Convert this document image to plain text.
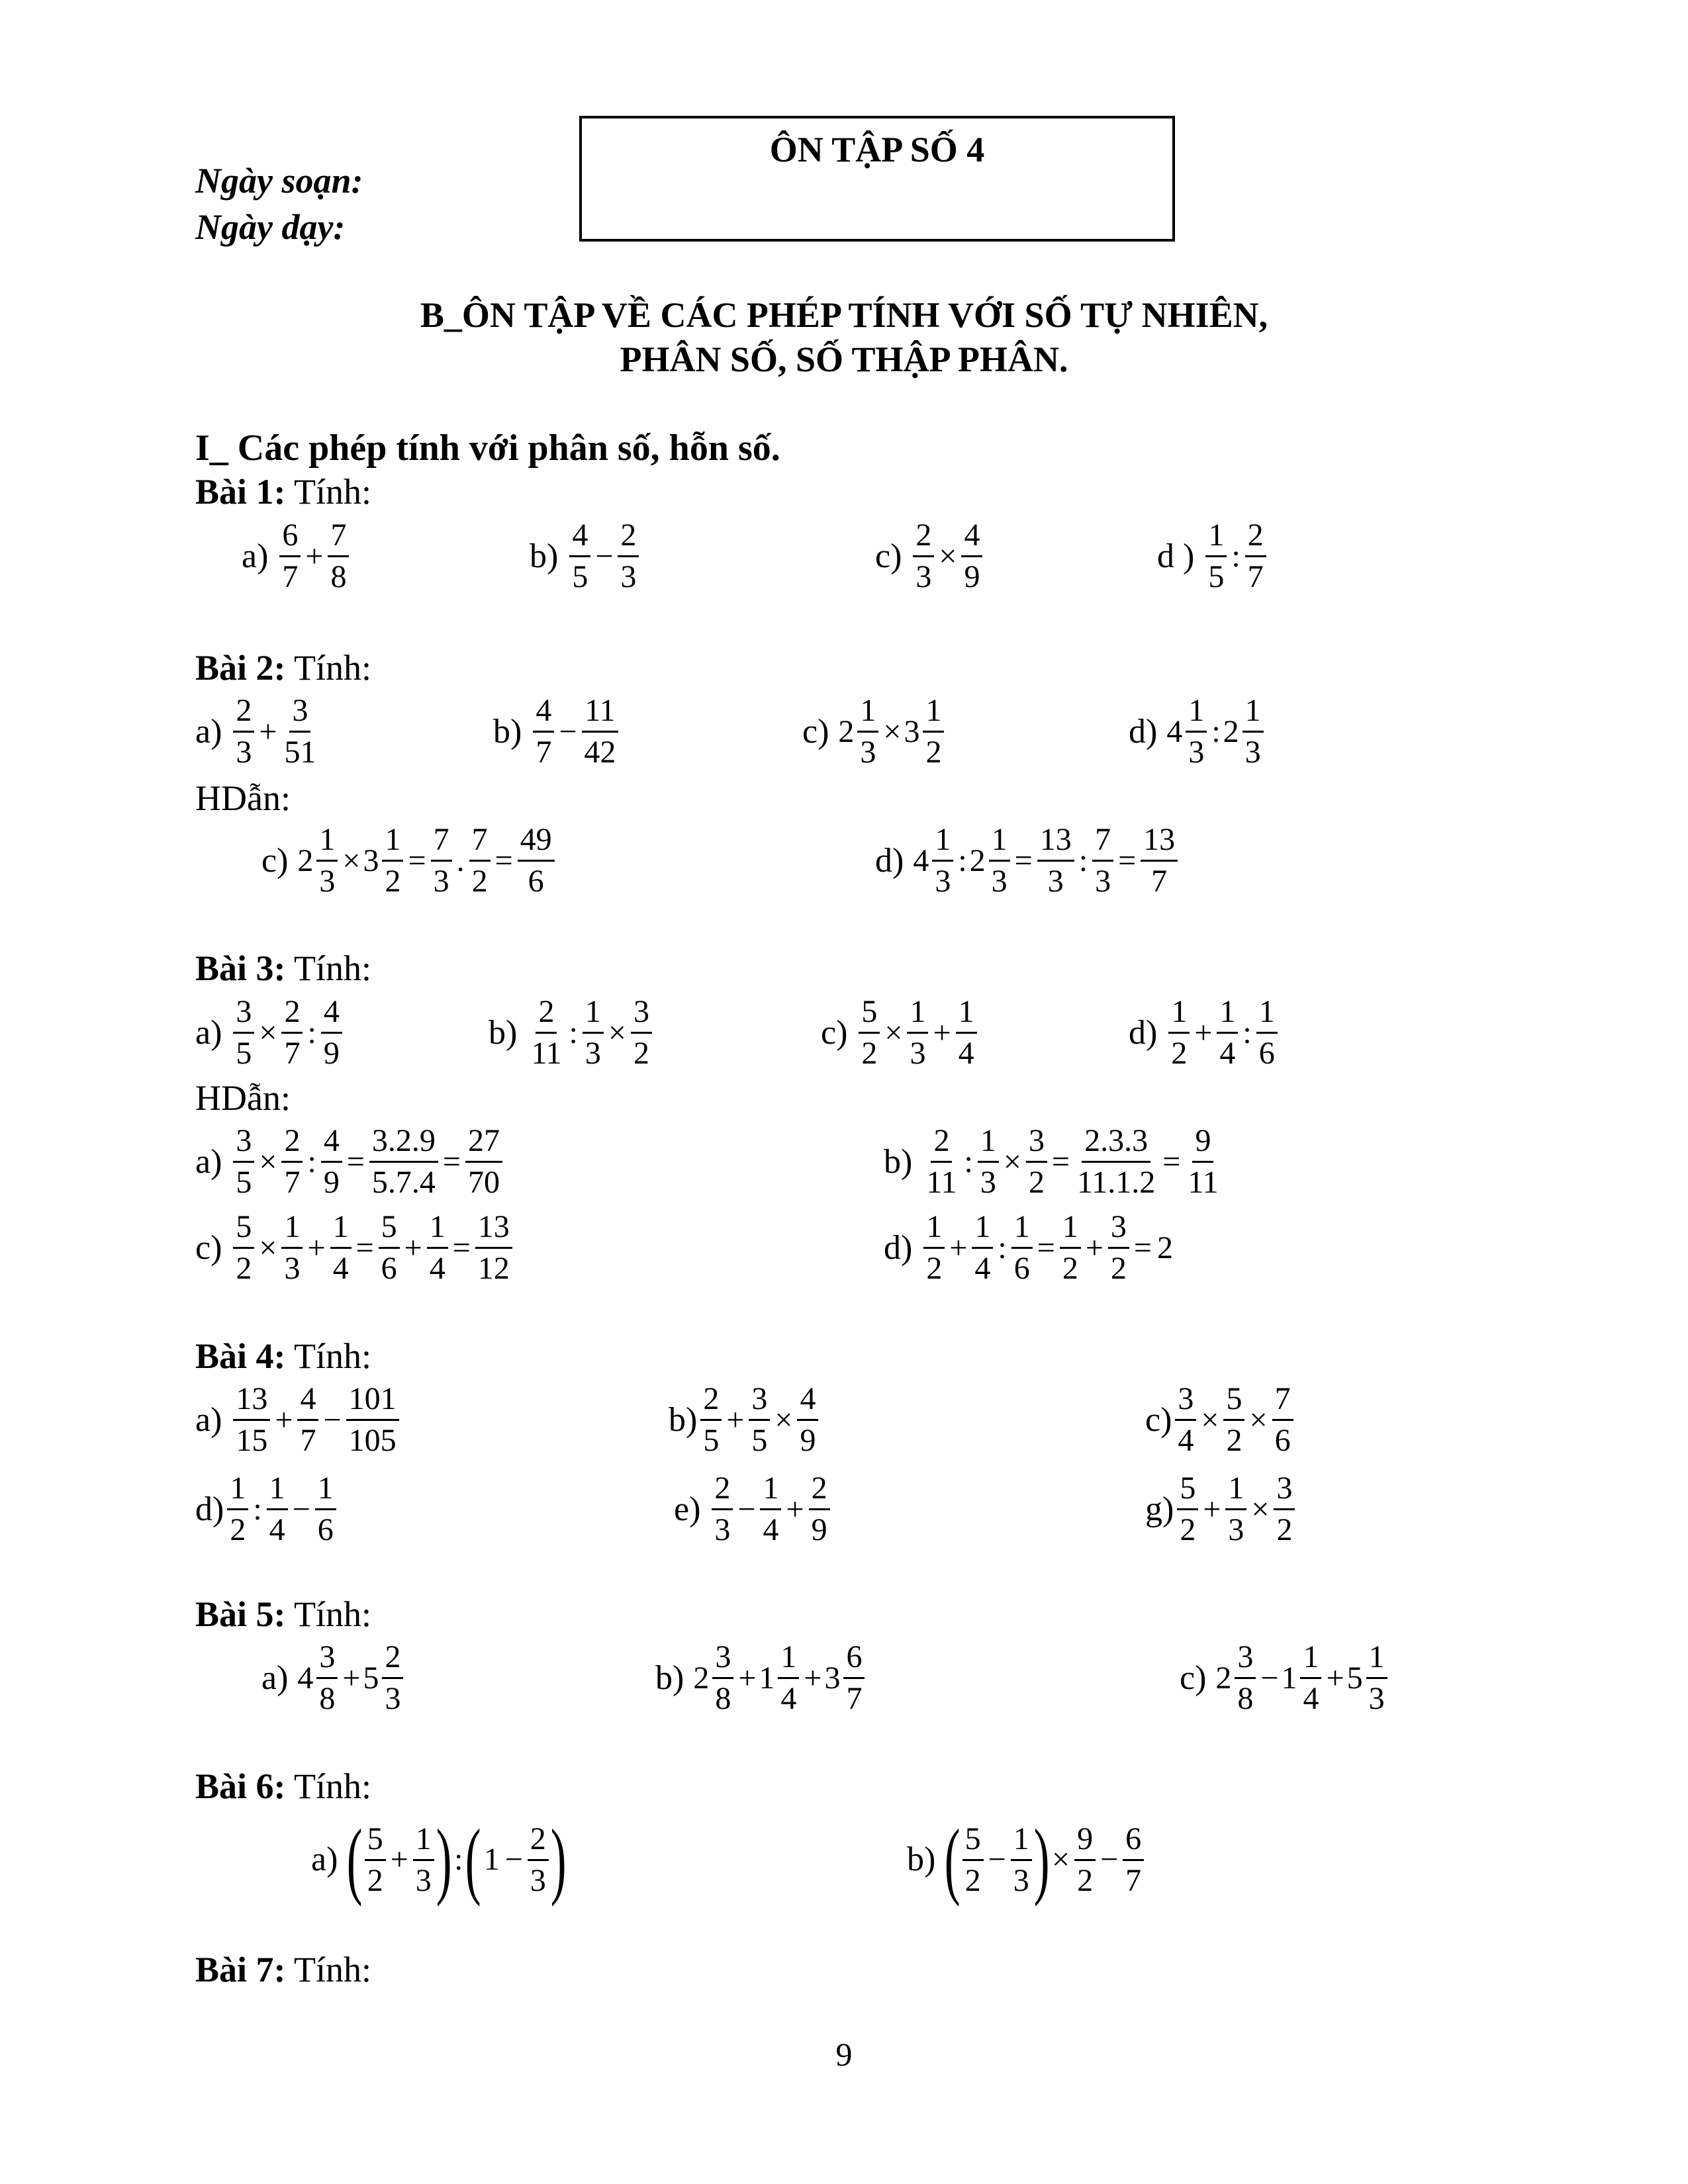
ÔN TẬP SỐ 4
Ngày soạn:
Ngày dạy:
B_ÔN TẬP VỀ CÁC PHÉP TÍNH VỚI SỐ TỰ NHIÊN,
PHÂN SỐ, SỐ THẬP PHÂN.
I_ Các phép tính với phân số, hỗn số.
Bài 1: Tính:
$a) \frac{6}{7} + \frac{7}{8}$	$b) \frac{4}{5} - \frac{2}{3}$	$c) \frac{2}{3} \times \frac{4}{9}$	d ) $\frac{1}{5}$ : $\frac{2}{7}$
Bài 2: Tính:
$a) \frac{2}{3} + \frac{3}{51}$	$b) \frac{4}{7} - \frac{11}{42}$	c) $2 \frac{1}{3} \times 3 \frac{1}{2}$	d) $4 \frac{1}{3}$ : $2 \frac{1}{3}$
HDẫn:
c) $2 \frac{1}{3} \times 3 \frac{1}{2} = \frac{7}{3}$ . $\frac{7}{2} = \frac{49}{6}$	d) $4 \frac{1}{3}$ : $2 \frac{1}{3} = \frac{13}{3}$ : $\frac{7}{3} = \frac{13}{7}$
Bài 3: Tính:
$a) \frac{3}{5} \times \frac{2}{7}$ : $\frac{4}{9}$	$b) \frac{2}{11}$ : $\frac{1}{3} \times \frac{3}{2}$	$c) \frac{5}{2} \times \frac{1}{3} + \frac{1}{4}$	$d) \frac{1}{2} + \frac{1}{4}$ : $\frac{1}{6}$
HDẫn:
$a) \frac{3}{5} \times \frac{2}{7}$ : $\frac{4}{9} = \frac{3.2.9}{5.7.4} = \frac{27}{70}$	$b) \frac{2}{11}$ : $\frac{1}{3} \times \frac{3}{2} = \frac{2.3.3}{11.1.2} = \frac{9}{11}$
$c) \frac{5}{2} \times \frac{1}{3} + \frac{1}{4} = \frac{5}{6} + \frac{1}{4} = \frac{13}{12}$	$d) \frac{1}{2} + \frac{1}{4}$ : $\frac{1}{6} = \frac{1}{2} + \frac{3}{2} = 2$
Bài 4: Tính:
$a) \frac{13}{15} + \frac{4}{7} - \frac{101}{105}$	$b) \frac{2}{5} + \frac{3}{5} \times \frac{4}{9}$	$c) \frac{3}{4} \times \frac{5}{2} \times \frac{7}{6}$
$d) \frac{1}{2}$ : $\frac{1}{4} - \frac{1}{6}$	$e) \frac{2}{3} - \frac{1}{4} + \frac{2}{9}$	$g) \frac{5}{2} + \frac{1}{3} \times \frac{3}{2}$
Bài 5: Tính:
a) $4 \frac{3}{8} + 5 \frac{2}{3}$	b) $2 \frac{3}{8} + 1 \frac{1}{4} + 3 \frac{6}{7}$	c) $2 \frac{3}{8} - 1 \frac{1}{4} + 5 \frac{1}{3}$
Bài 6: Tính:
a) ( $\frac{5}{2} + \frac{1}{3}$ ) : ( $1 - \frac{2}{3}$ )	b) ( $\frac{5}{2} - \frac{1}{3}$ ) × $\frac{9}{2} - \frac{6}{7}$
Bài 7: Tính:
9
